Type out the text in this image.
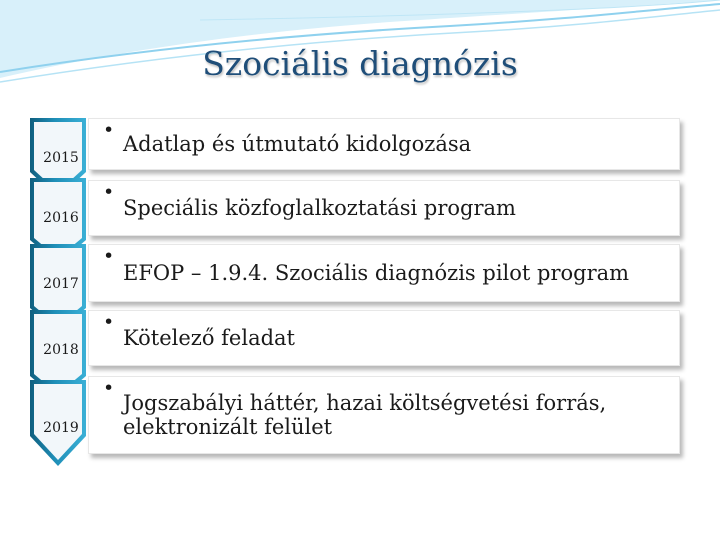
Szociális diagnózis
2015
2016
2017
2018
2019
•
Adatlap és útmutató kidolgozása
•
Speciális közfoglalkoztatási program
•
EFOP – 1.9.4. Szociális diagnózis pilot program
•
Kötelező feladat
•
Jogszabályi háttér, hazai költségvetési forrás, elektronizált felület
